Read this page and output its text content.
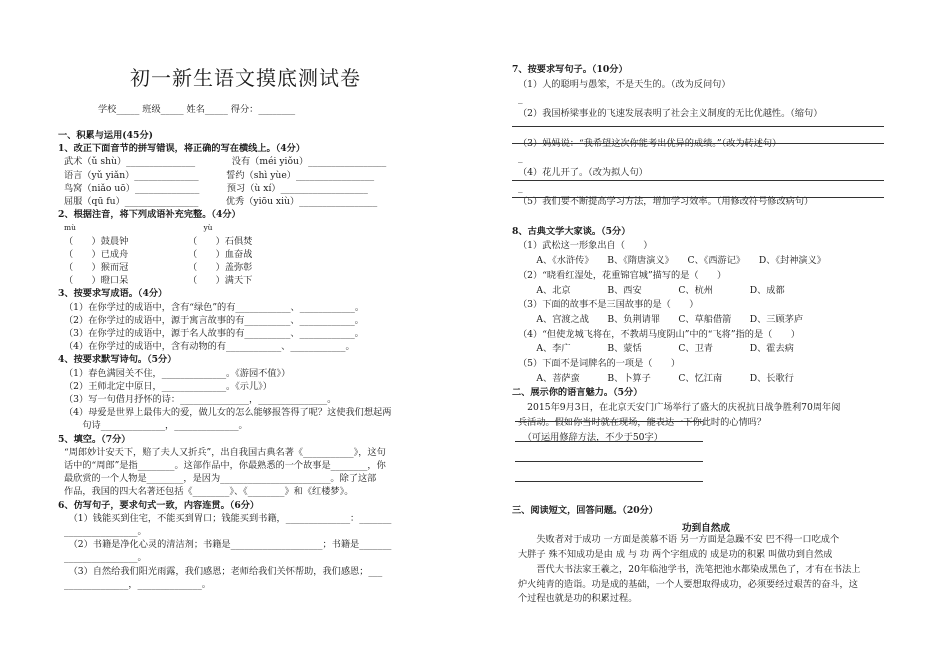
初一新生语文摸底测试卷
学校_____ 班级_____ 姓名_____ 得分：________
一、积累与运用(45分)
1、改正下面音节的拼写错误，将正确的写在横线上。（4分）
武术（ǔ shù）_______________　　　　没有（méi yiǒu）_________________
语言（yǔ yiǎn）______________　　　誓约（shì yùe）_________________
鸟窝（niǎo uō）______________　　　预习（ù xí）___________________
屈服（qū fu）________________　　　优秀（yiōu xiù）_________________
2、根据注音，将下列成语补充完整。（4分）
mù　　　　　　　　　　　　　　　　　yù
（　　）鼓晨钟　　　　　　　（　　）石俱焚
（　　）已成舟　　　　　　　（　　）血奋战
（　　）猴而冠　　　　　　　（　　）盖弥彰
（　　）瞪口呆　　　　　　　（　　）满天下
3、按要求写成语。（4分）
（1）在你学过的成语中，含有“绿色”的有____________、____________。
（2）在你学过的成语中，源于寓言故事的有__________、____________。
（3）在你学过的成语中，源于名人故事的有__________、____________。
（4）在你学过的成语中，含有动物的有____________、____________。
4、按要求默写诗句。（5分）
（1）春色满园关不住，______________。《游园不值》）
（2）王师北定中原日，______________。《示儿》）
（3）写一句借月抒怀的诗：_______________，_______________。
（4）母爱是世界上最伟大的爱，做儿女的怎么能够报答得了呢？这使我们想起两
　　句诗______________，______________。
5、填空。（7分）
“周郎妙计安天下，赔了夫人又折兵”，出自我国古典名著《___________》，这句
话中的“周郎”是指________。这部作品中，你最熟悉的一个故事是________，你
最欣赏的一个人物是________，是因为________________________。除了这部
作品，我国的四大名著还包括《________》、《________》和《红楼梦》。
6、仿写句子，要求句式一致，内容连贯。（6分）
　（1）钱能买到住宅，不能买到胃口；钱能买到书籍，______________：_______
________________。
　（2）书籍是净化心灵的清洁剂；书籍是____________________；书籍是_______
________________。
　（3）自然给我们阳光雨露，我们感恩；老师给我们关怀帮助，我们感恩；___
______________，______________。
7、按要求写句子。（10分）
（1）人的聪明与愚笨，不是天生的。（改为反问句）
_
（2）我国桥梁事业的飞速发展表明了社会主义制度的无比优越性。（缩句）
（3）妈妈说：“我希望这次你能考出优异的成绩。”（改为转述句）
_
（4）花儿开了。（改为拟人句）
_
（5）我们要不断提高学习方法，增加学习效率。（用修改符号修改病句）
8、古典文学大家谈。（5分）
（1）武松这一形象出自（　　）
　　A、《水浒传》　　B、《隋唐演义》　　C、《西游记》　　D、《封神演义》
（2）“晓看红湿处，花重锦官城”描写的是（　　）
　　A、北京　　　　B、西安　　　　C、杭州　　　　D、成都
（3）下面的故事不是三国故事的是（　　）
　　A、宫渡之战　　B、负荆请罪　　C、草船借箭　　D、三顾茅庐
（4）“但使龙城飞将在，不教胡马度阴山”中的“飞将”指的是（　　）
　　A、李广　　　　B、蒙恬　　　　C、卫青　　　　D、霍去病
（5）下面不是词牌名的一项是（　　）
　　A、菩萨蛮　　　B、卜算子　　　C、忆江南　　　D、长歌行
二、展示你的语言魅力。（5分）
　2015年9月3日，在北京天安门广场举行了盛大的庆祝抗日战争胜利70周年阅
兵活动。假如你当时就在现场，能表达一下你此时的心情吗？
　（可运用修辞方法，不少于50字）
三、阅读短文，回答问题。（20分）
功到自然成
　　失败者对于成功 一方面是羡慕不语 另一方面是急躁不安 巴不得一口吃成个
大胖子 殊不知成功是由 成 与 功 两个字组成的 成是功的积累 叫做功到自然成
　　晋代大书法家王羲之，20年临池学书，洗笔把池水都染成黑色了，才有在书法上
炉火纯青的造诣。功是成的基础，一个人要想取得成功，必须要经过艰苦的奋斗，这
个过程也就是功的积累过程。
